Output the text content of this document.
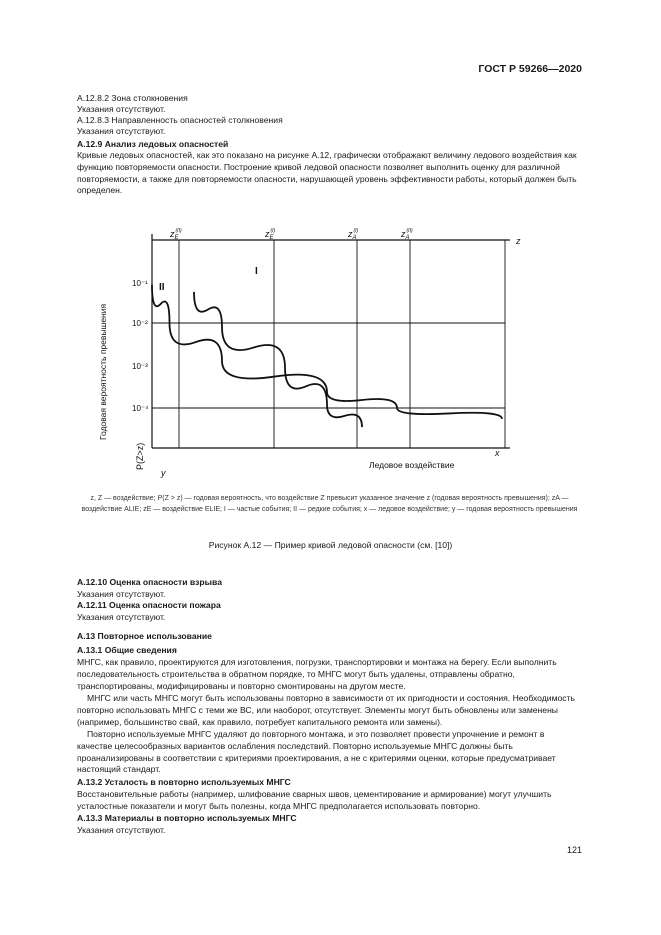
ГОСТ Р 59266—2020

А.12.8.2 Зона столкновения

Указания отсутствуют.

А.12.8.3 Направленность опасностей столкновения

Указания отсутствуют.

А.12.9 Анализ ледовых опасностей

Кривые ледовых опасностей, как это показано на рисунке А.12, графически отображают величину ледового воздействия как функцию повторяемости опасности. Построение кривой ледовой опасности позволяет выполнить оценку для различной повторяемости, а также для повторяемости опасности, нарушающей уровень эффективности работы, который должен быть определен.

$z_E(II)$	$z_E(I)$	$z_A(I)$	$z_A(II)$
z
10⁻¹
10⁻²
10⁻³
10⁻⁴
I
II
Ледовое воздействие
x
y
Годовая вероятность превышения
P(Z>z)
z, Z — воздействие; P(Z > z) — годовая вероятность, что воздействие Z превысит указанное значение z (годовая вероятность превышения); zA — воздействие ALIE; zE — воздействие ELIE; I — частые события; II — редкие события; x — ледовое воздействие; y — годовая вероятность превышения
Рисунок А.12 — Пример кривой ледовой опасности (см. [10])

А.12.10 Оценка опасности взрыва

Указания отсутствуют.

А.12.11 Оценка опасности пожара

Указания отсутствуют.

А.13 Повторное использование

А.13.1 Общие сведения

МНГС, как правило, проектируются для изготовления, погрузки, транспортировки и монтажа на берегу. Если выполнить последовательность строительства в обратном порядке, то МНГС могут быть удалены, отправлены обратно, транспортированы, модифицированы и повторно смонтированы на другом месте.

МНГС или часть МНГС могут быть использованы повторно в зависимости от их пригодности и состояния. Необходимость повторно использовать МНГС с теми же ВС, или наоборот, отсутствует. Элементы могут быть обновлены или заменены (например, большинство свай, как правило, потребует капитального ремонта или замены).

Повторно используемые МНГС удаляют до повторного монтажа, и это позволяет провести упрочнение и ремонт в качестве целесообразных вариантов ослабления последствий. Повторно используемые МНГС должны быть проанализированы в соответствии с критериями проектирования, а не с критериями оценки, которые предусматривает настоящий стандарт.

А.13.2 Усталость в повторно используемых МНГС

Восстановительные работы (например, шлифование сварных швов, цементирование и армирование) могут улучшить усталостные показатели и могут быть полезны, когда МНГС предполагается использовать повторно.

А.13.3 Материалы в повторно используемых МНГС

Указания отсутствуют.

121
